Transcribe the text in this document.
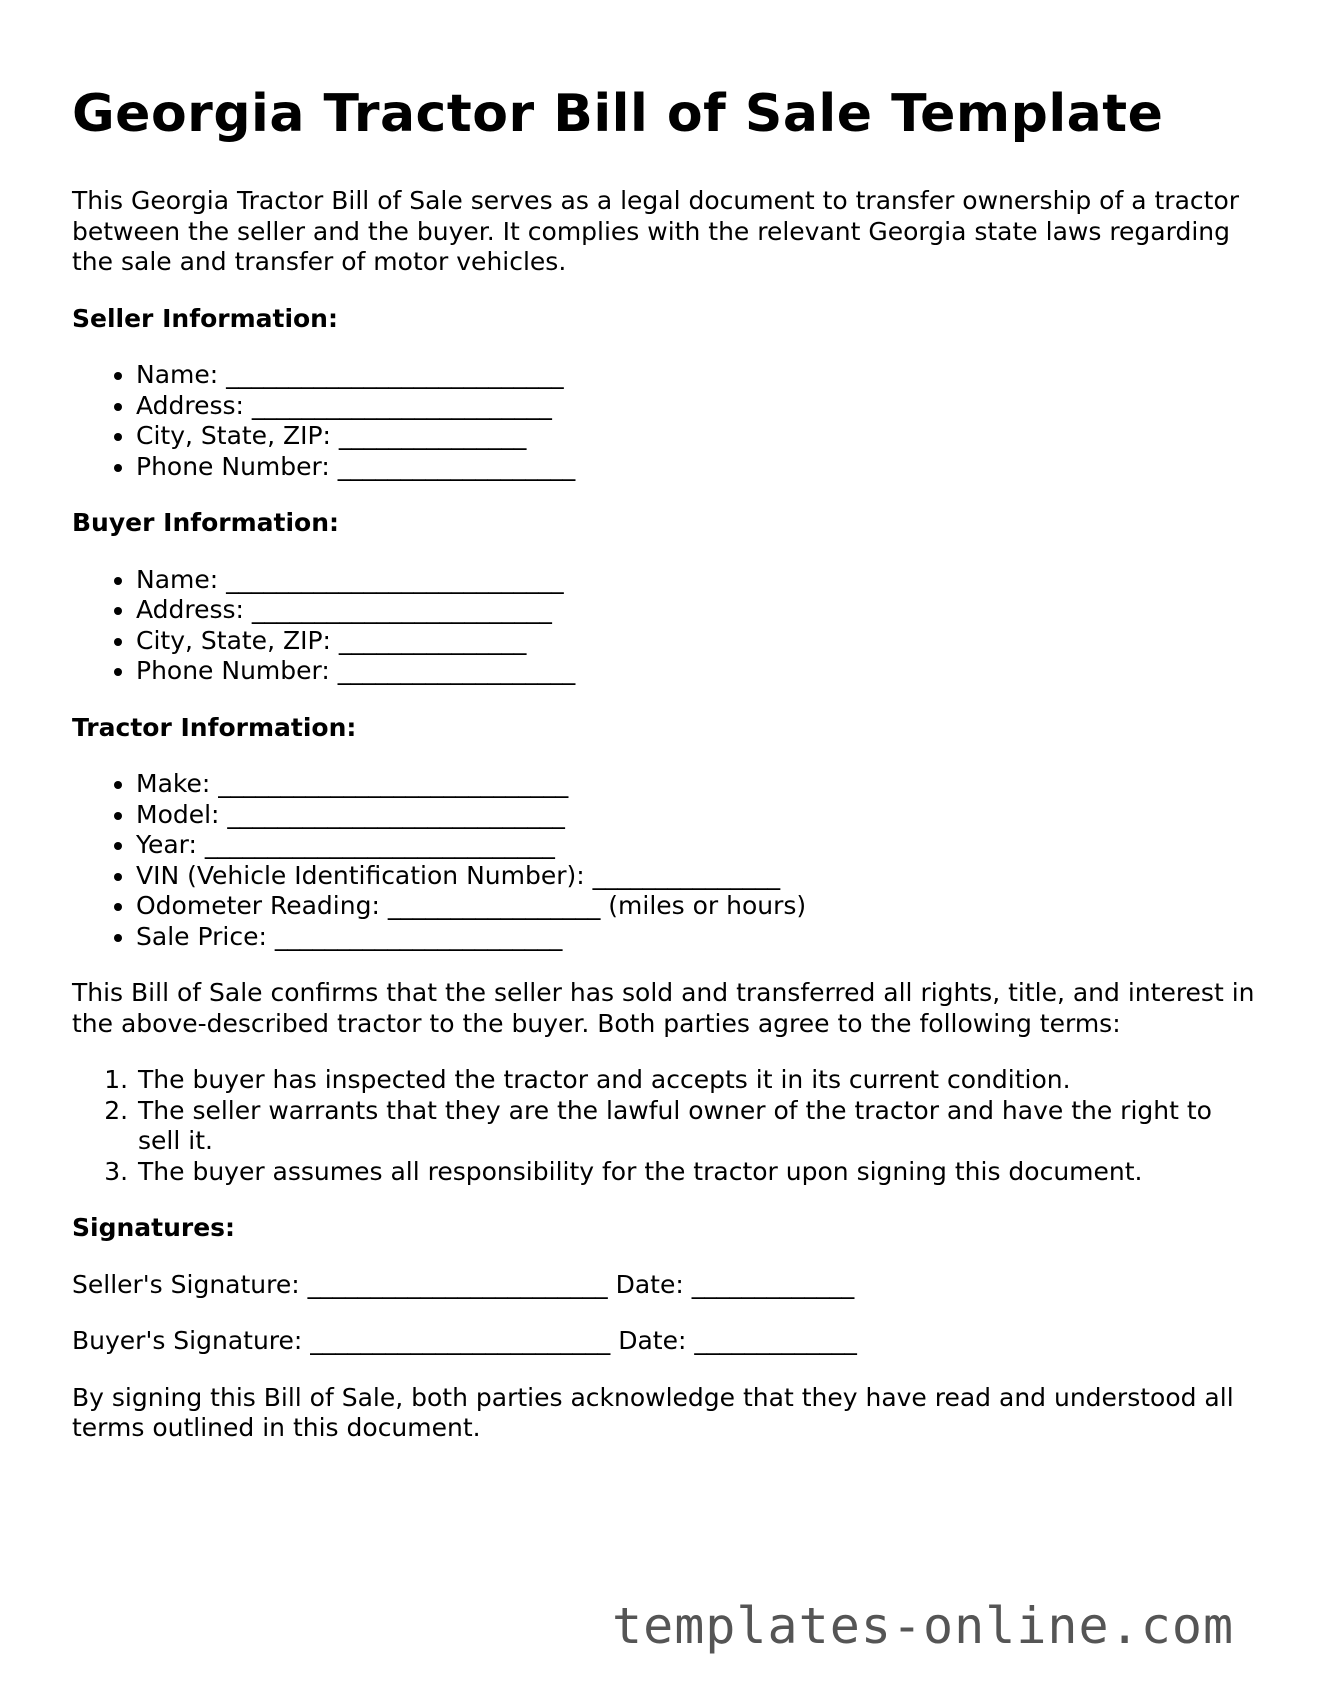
Georgia Tractor Bill of Sale Template

This Georgia Tractor Bill of Sale serves as a legal document to transfer ownership of a tractor between the seller and the buyer. It complies with the relevant Georgia state laws regarding the sale and transfer of motor vehicles.

Seller Information:
• Name: ___________________________
• Address: ________________________
• City, State, ZIP: _______________
• Phone Number: ___________________
Buyer Information:
• Name: ___________________________
• Address: ________________________
• City, State, ZIP: _______________
• Phone Number: ___________________
Tractor Information:
• Make: ____________________________
• Model: ___________________________
• Year: ____________________________
• VIN (Vehicle Identification Number): _______________
• Odometer Reading: _________________ (miles or hours)
• Sale Price: _______________________

This Bill of Sale confirms that the seller has sold and transferred all rights, title, and interest in the above-described tractor to the buyer. Both parties agree to the following terms:

1. The buyer has inspected the tractor and accepts it in its current condition.
2. The seller warrants that they are the lawful owner of the tractor and have the right to sell it.
3. The buyer assumes all responsibility for the tractor upon signing this document.
Signatures:
Seller's Signature: ________________________ Date: _____________
Buyer's Signature: ________________________ Date: _____________

By signing this Bill of Sale, both parties acknowledge that they have read and understood all terms outlined in this document.

templates-online.com
